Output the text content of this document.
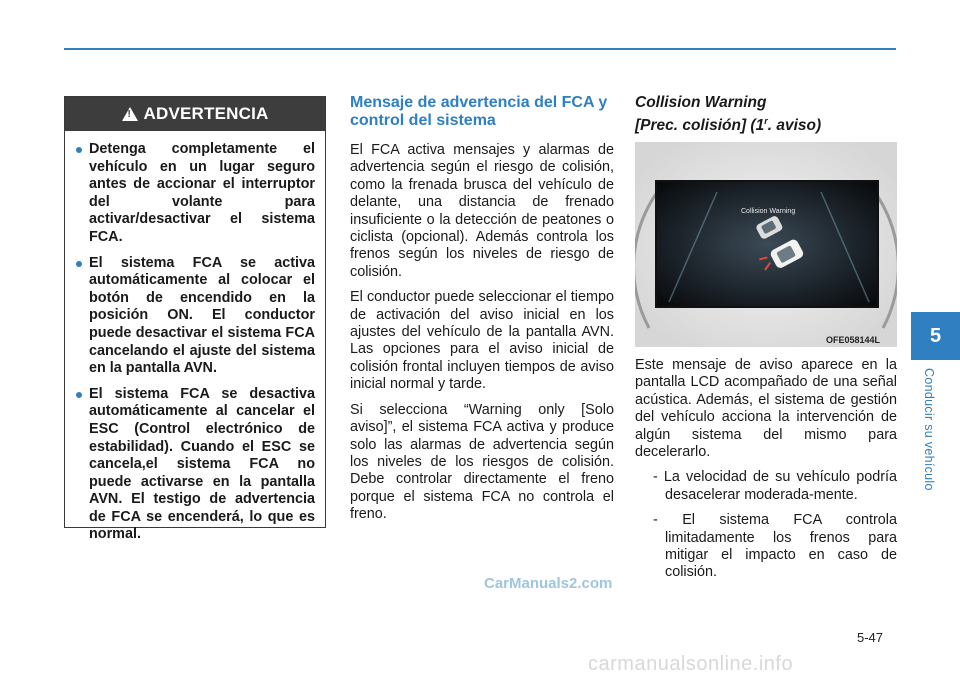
!
ADVERTENCIA
Detenga completamente el vehículo en un lugar seguro antes de accionar el interruptor del volante para activar/desactivar el sistema FCA.
El sistema FCA se activa automáticamente al colocar el botón de encendido en la posición ON. El conductor puede desactivar el sistema FCA cancelando el ajuste del sistema en la pantalla AVN.
El sistema FCA se desactiva automáticamente al cancelar el ESC (Control electrónico de estabilidad). Cuando el ESC se cancela,el sistema FCA no puede activarse en la pantalla AVN. El testigo de advertencia de FCA se encenderá, lo que es normal.
Mensaje de advertencia del FCA y control del sistema

El FCA activa mensajes y alarmas de advertencia según el riesgo de colisión, como la frenada brusca del vehículo de delante, una distancia de frenado insuficiente o la detección de peatones o ciclista (opcional). Además controla los frenos según los niveles de riesgo de colisión.

El conductor puede seleccionar el tiempo de activación del aviso inicial en los ajustes del vehículo de la pantalla AVN. Las opciones para el aviso inicial de colisión frontal incluyen tiempos de aviso inicial normal y tarde.

Si selecciona “Warning only [Solo aviso]”, el sistema FCA activa y produce solo las alarmas de advertencia según los niveles de los riesgos de colisión. Debe controlar directamente el freno porque el sistema FCA no controla el freno.

Collision Warning
[Prec. colisión] (1$^r$. aviso)
Collision Warning
OFE058144L

Este mensaje de aviso aparece en la pantalla LCD acompañado de una señal acústica. Además, el sistema de gestión del vehículo acciona la intervención de algún sistema del mismo para decelerarlo.

- La velocidad de su vehículo podría desacelerar moderada-mente.

- El sistema FCA controla limitadamente los frenos para mitigar el impacto en caso de colisión.

5
Conducir su vehículo
5-47
CarManuals2.com
carmanualsonline.info
